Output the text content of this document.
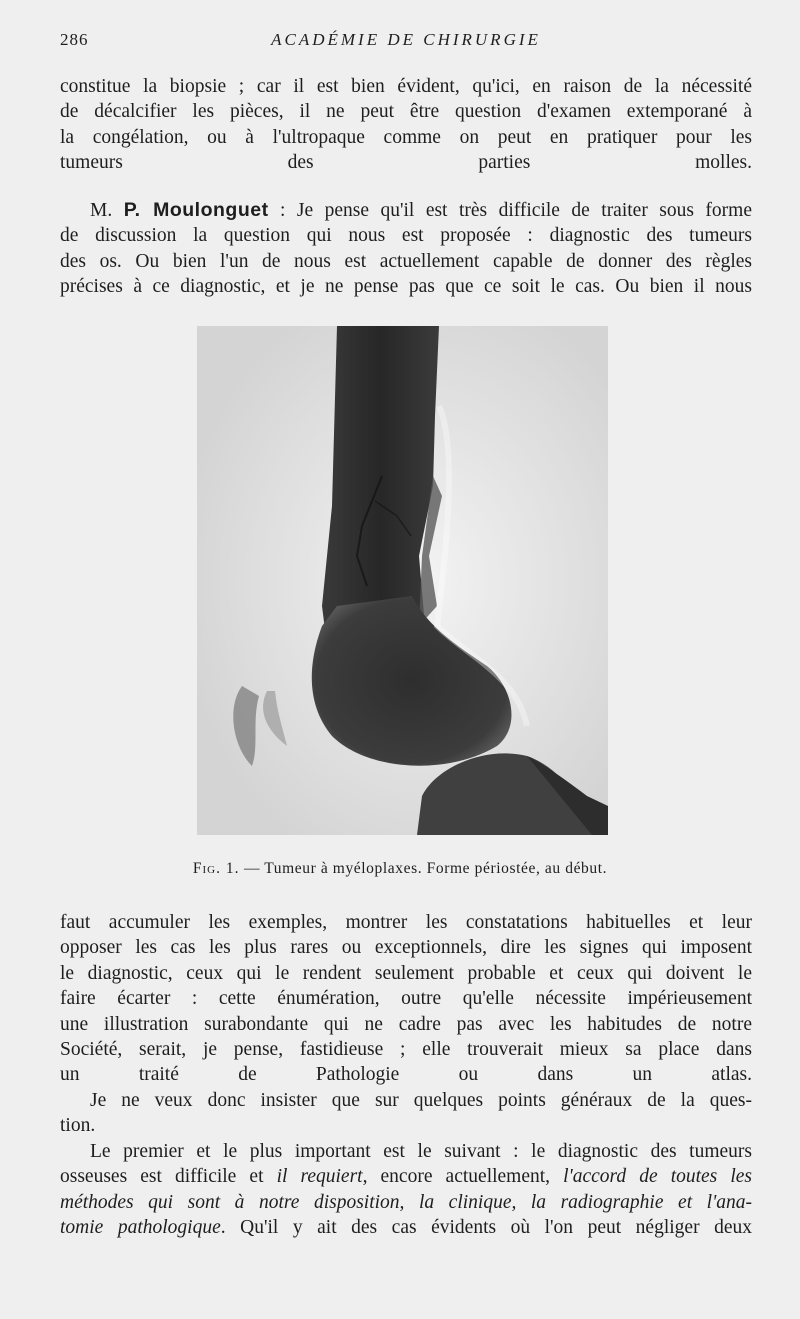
286	ACADÉMIE DE CHIRURGIE
constitue la biopsie ; car il est bien évident, qu'ici, en raison de la nécessité
de décalcifier les pièces, il ne peut être question d'examen extemporané à
la congélation, ou à l'ultropaque comme on peut en pratiquer pour les
tumeurs des parties molles.
M. P. Moulonguet : Je pense qu'il est très difficile de traiter sous forme
de discussion la question qui nous est proposée : diagnostic des tumeurs
des os. Ou bien l'un de nous est actuellement capable de donner des règles
précises à ce diagnostic, et je ne pense pas que ce soit le cas. Ou bien il nous
Fig. 1. — Tumeur à myéloplaxes. Forme périostée, au début.
faut accumuler les exemples, montrer les constatations habituelles et leur
opposer les cas les plus rares ou exceptionnels, dire les signes qui imposent
le diagnostic, ceux qui le rendent seulement probable et ceux qui doivent le
faire écarter : cette énumération, outre qu'elle nécessite impérieusement
une illustration surabondante qui ne cadre pas avec les habitudes de notre
Société, serait, je pense, fastidieuse ; elle trouverait mieux sa place dans
un traité de Pathologie ou dans un atlas.
Je ne veux donc insister que sur quelques points généraux de la ques-
tion.
Le premier et le plus important est le suivant : le diagnostic des tumeurs
osseuses est difficile et il requiert, encore actuellement, l'accord de toutes les
méthodes qui sont à notre disposition, la clinique, la radiographie et l'ana-
tomie pathologique. Qu'il y ait des cas évidents où l'on peut négliger deux
